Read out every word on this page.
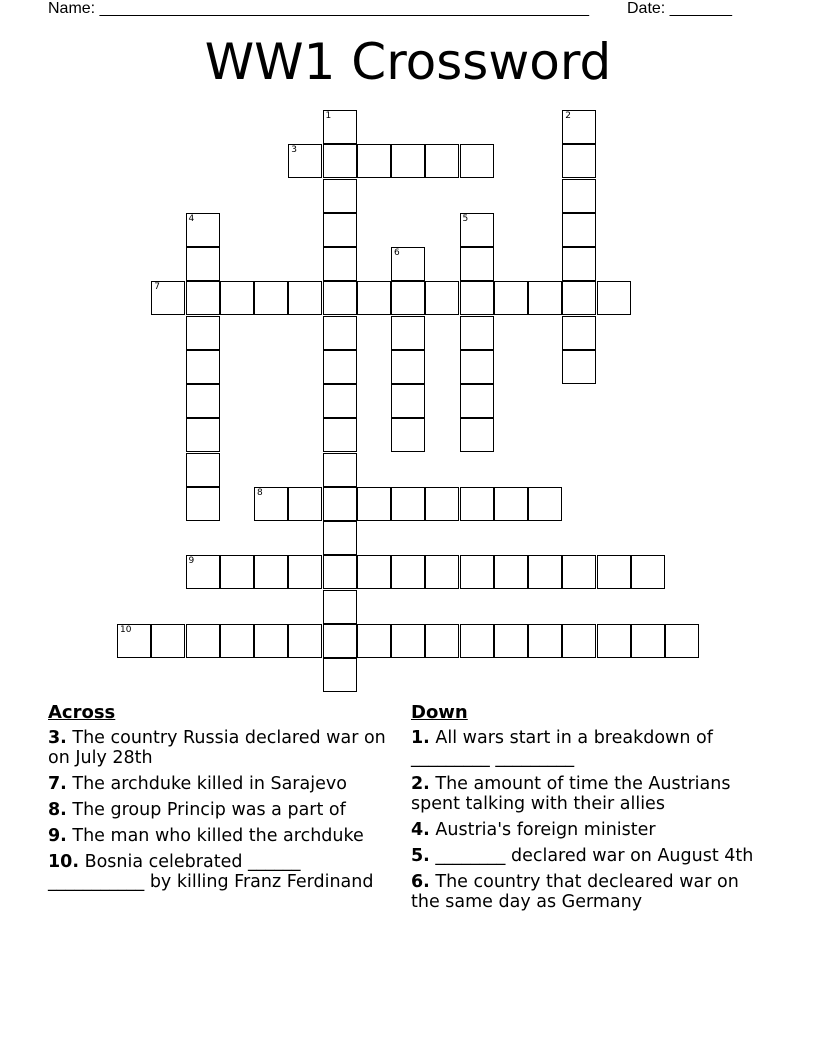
Name: _______________________________________________________ Date: _______
WW1 Crossword
1	2
3
4	5
6
7
8
9
10
Across
3. The country Russia declared war on on July 28th
7. The archduke killed in Sarajevo
8. The group Princip was a part of
9. The man who killed the archduke
10. Bosnia celebrated ______ ___________ by killing Franz Ferdinand
Down
1. All wars start in a breakdown of _________ _________
2. The amount of time the Austrians spent talking with their allies
4. Austria's foreign minister
5. ________ declared war on August 4th
6. The country that decleared war on the same day as Germany
